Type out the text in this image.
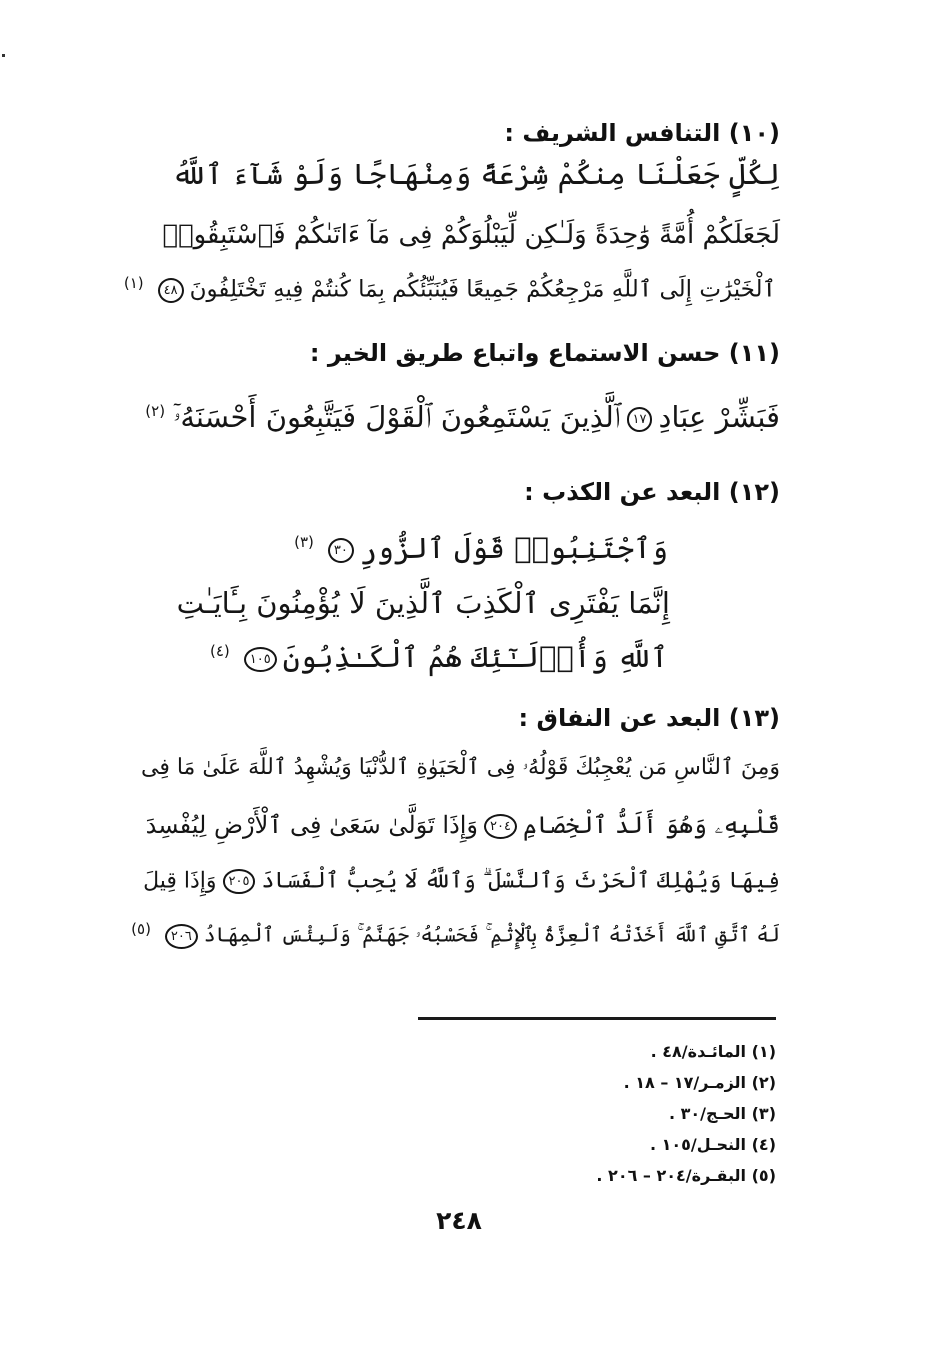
(١٠) التنافس الشريف :
لِكُلٍّ جَعَلْنَا مِنكُمْ شِرْعَةً وَمِنْهَاجًا وَلَوْ شَآءَ ٱللَّهُ
لَجَعَلَكُمْ أُمَّةً وَٰحِدَةً وَلَـٰكِن لِّيَبْلُوَكُمْ فِى مَآ ءَاتَىٰكُمْ فَٱسْتَبِقُوا۟
ٱلْخَيْرَٰتِ إِلَى ٱللَّهِ مَرْجِعُكُمْ جَمِيعًا فَيُنَبِّئُكُم بِمَا كُنتُمْ فِيهِ تَخْتَلِفُونَ٤٨$^{(١)}$
(١١) حسن الاستماع واتباع طريق الخير :
فَبَشِّرْ عِبَادِ١٧ٱلَّذِينَ يَسْتَمِعُونَ ٱلْقَوْلَ فَيَتَّبِعُونَ أَحْسَنَهُۥٓ$^{(٢)}$
(١٢) البعد عن الكذب :
وَٱجْتَنِبُوا۟ قَوْلَ ٱلزُّورِ٣٠$^{(٣)}$
إِنَّمَا يَفْتَرِى ٱلْكَذِبَ ٱلَّذِينَ لَا يُؤْمِنُونَ بِـَٔايَـٰتِ
ٱللَّهِ وَأُو۟لَـٰٓئِكَ هُمُ ٱلْكَـٰذِبُونَ١٠٥$^{(٤)}$
(١٣) البعد عن النفاق :
وَمِنَ ٱلنَّاسِ مَن يُعْجِبُكَ قَوْلُهُۥ فِى ٱلْحَيَوٰةِ ٱلدُّنْيَا وَيُشْهِدُ ٱللَّهَ عَلَىٰ مَا فِى
قَلْبِهِۦ وَهُوَ أَلَدُّ ٱلْخِصَامِ٢٠٤وَإِذَا تَوَلَّىٰ سَعَىٰ فِى ٱلْأَرْضِ لِيُفْسِدَ
فِيهَا وَيُهْلِكَ ٱلْحَرْثَ وَٱلنَّسْلَ ۗ وَٱللَّهُ لَا يُحِبُّ ٱلْفَسَادَ٢٠٥وَإِذَا قِيلَ
لَهُ ٱتَّقِ ٱللَّهَ أَخَذَتْهُ ٱلْعِزَّةُ بِٱلْإِثْمِ ۚ فَحَسْبُهُۥ جَهَنَّمُ ۚ وَلَبِئْسَ ٱلْمِهَادُ٢٠٦$^{(٥)}$
(١) المائـدة/٤٨ .
(٢) الزمـر/١٧ – ١٨ .
(٣) الحـج/٣٠ .
(٤) النحـل/١٠٥ .
(٥) البقـرة/٢٠٤ – ٢٠٦ .
٢٤٨
